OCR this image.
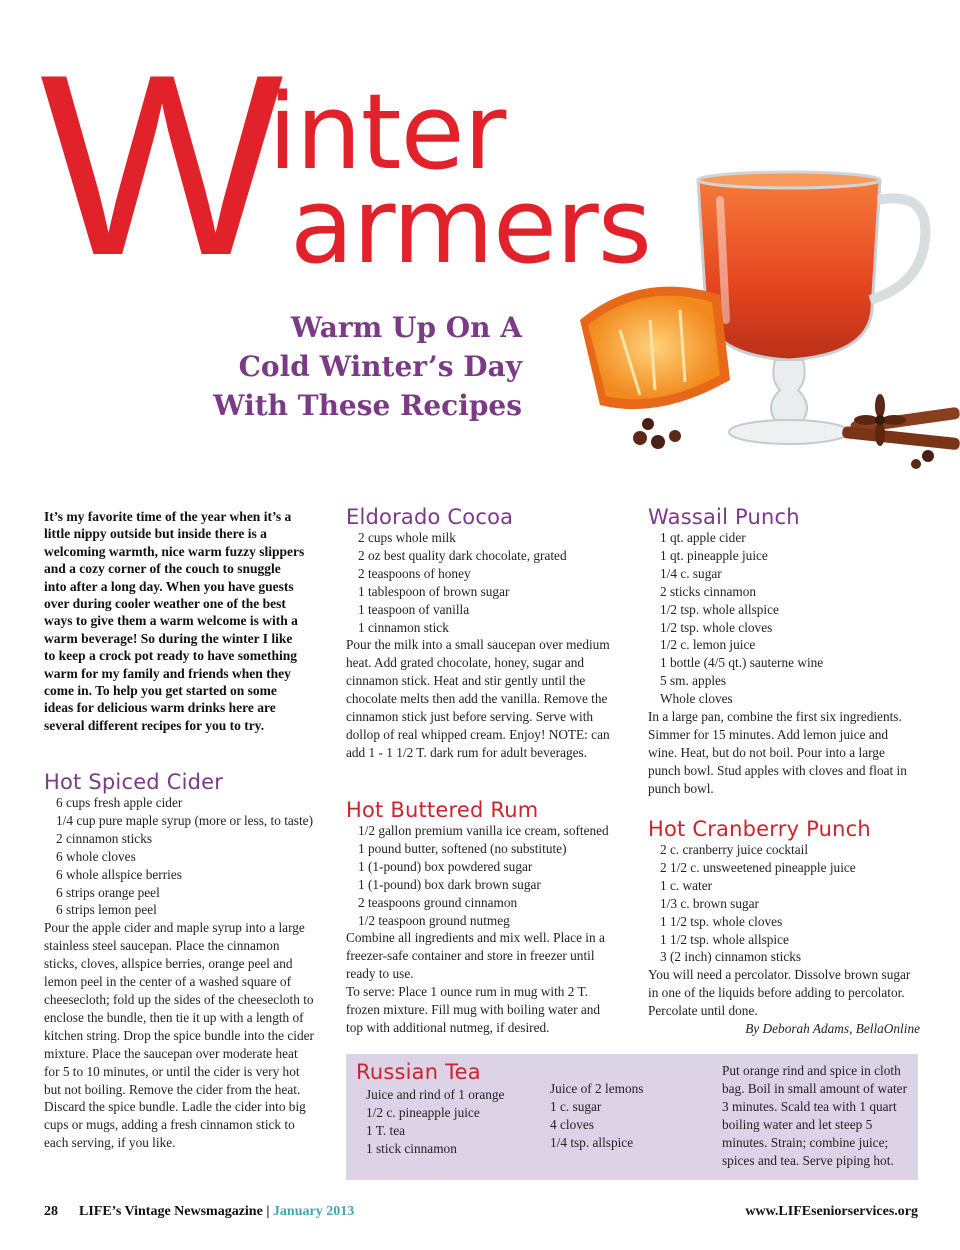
W
inter
armers
Warm Up On A
Cold Winter’s Day
With These Recipes
It’s my favorite time of the year when it’s a little nippy outside but inside there is a welcoming warmth, nice warm fuzzy slippers and a cozy corner of the couch to snuggle into after a long day. When you have guests over during cooler weather one of the best ways to give them a warm welcome is with a warm beverage! So during the winter I like to keep a crock pot ready to have something warm for my family and friends when they come in. To help you get started on some ideas for delicious warm drinks here are several different recipes for you to try.
Hot Spiced Cider
6 cups fresh apple cider
1/4 cup pure maple syrup (more or less, to taste)
2 cinnamon sticks
6 whole cloves
6 whole allspice berries
6 strips orange peel
6 strips lemon peel

Pour the apple cider and maple syrup into a large stainless steel saucepan. Place the cinnamon sticks, cloves, allspice berries, orange peel and lemon peel in the center of a washed square of cheesecloth; fold up the sides of the cheesecloth to enclose the bundle, then tie it up with a length of kitchen string. Drop the spice bundle into the cider mixture. Place the saucepan over moderate heat for 5 to 10 minutes, or until the cider is very hot but not boiling. Remove the cider from the heat. Discard the spice bundle. Ladle the cider into big cups or mugs, adding a fresh cinnamon stick to each serving, if you like.

Eldorado Cocoa
2 cups whole milk
2 oz best quality dark chocolate, grated
2 teaspoons of honey
1 tablespoon of brown sugar
1 teaspoon of vanilla
1 cinnamon stick

Pour the milk into a small saucepan over medium heat. Add grated chocolate, honey, sugar and cinnamon stick. Heat and stir gently until the chocolate melts then add the vanilla. Remove the cinnamon stick just before serving. Serve with dollop of real whipped cream. Enjoy! NOTE: can add 1 - 1 1/2 T. dark rum for adult beverages.

Hot Buttered Rum
1/2 gallon premium vanilla ice cream, softened
1 pound butter, softened (no substitute)
1 (1-pound) box powdered sugar
1 (1-pound) box dark brown sugar
2 teaspoons ground cinnamon
1/2 teaspoon ground nutmeg

Combine all ingredients and mix well. Place in a freezer-safe container and store in freezer until ready to use.

To serve: Place 1 ounce rum in mug with 2 T. frozen mixture. Fill mug with boiling water and top with additional nutmeg, if desired.

Wassail Punch
1 qt. apple cider
1 qt. pineapple juice
1/4 c. sugar
2 sticks cinnamon
1/2 tsp. whole allspice
1/2 tsp. whole cloves
1/2 c. lemon juice
1 bottle (4/5 qt.) sauterne wine
5 sm. apples
Whole cloves

In a large pan, combine the first six ingredients. Simmer for 15 minutes. Add lemon juice and wine. Heat, but do not boil. Pour into a large punch bowl. Stud apples with cloves and float in punch bowl.

Hot Cranberry Punch
2 c. cranberry juice cocktail
2 1/2 c. unsweetened pineapple juice
1 c. water
1/3 c. brown sugar
1 1/2 tsp. whole cloves
1 1/2 tsp. whole allspice
3 (2 inch) cinnamon sticks

You will need a percolator. Dissolve brown sugar in one of the liquids before adding to percolator. Percolate until done.

By Deborah Adams, BellaOnline
Russian Tea
Juice and rind of 1 orange
1/2 c. pineapple juice
1 T. tea
1 stick cinnamon
Juice of 2 lemons
1 c. sugar
4 cloves
1/4 tsp. allspice

Put orange rind and spice in cloth bag. Boil in small amount of water 3 minutes. Scald tea with 1 quart boiling water and let steep 5 minutes. Strain; combine juice; spices and tea. Serve piping hot.

28 LIFE’s Vintage Newsmagazine | January 2013	www.LIFEseniorservices.org
